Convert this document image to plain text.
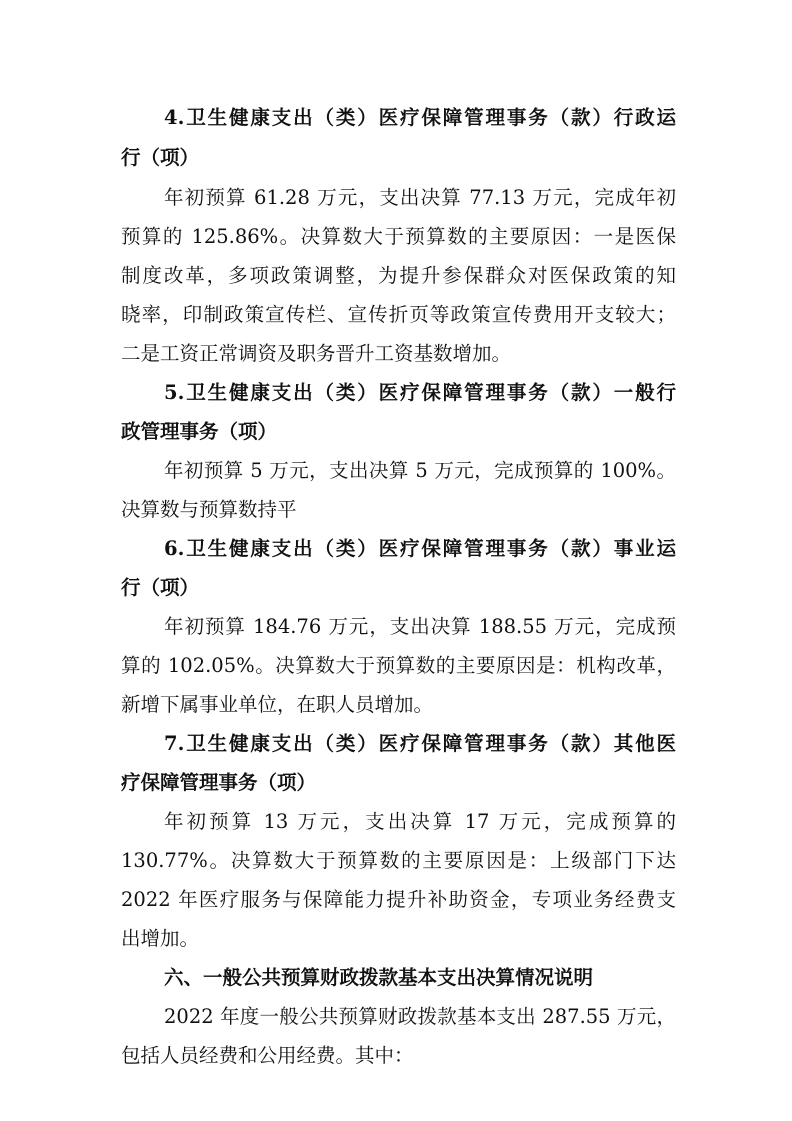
4.卫生健康支出（类）医疗保障管理事务（款）行政运
行（项）
年初预算 61.28 万元，支出决算 77.13 万元，完成年初
预算的 125.86%。决算数大于预算数的主要原因：一是医保
制度改革，多项政策调整，为提升参保群众对医保政策的知
晓率，印制政策宣传栏、宣传折页等政策宣传费用开支较大；
二是工资正常调资及职务晋升工资基数增加。
5.卫生健康支出（类）医疗保障管理事务（款）一般行
政管理事务（项）
年初预算 5 万元，支出决算 5 万元，完成预算的 100%。
决算数与预算数持平
6.卫生健康支出（类）医疗保障管理事务（款）事业运
行（项）
年初预算 184.76 万元，支出决算 188.55 万元，完成预
算的 102.05%。决算数大于预算数的主要原因是：机构改革，
新增下属事业单位，在职人员增加。
7.卫生健康支出（类）医疗保障管理事务（款）其他医
疗保障管理事务（项）
年初预算 13 万元，支出决算 17 万元，完成预算的
130.77%。决算数大于预算数的主要原因是：上级部门下达
2022 年医疗服务与保障能力提升补助资金，专项业务经费支
出增加。
六、一般公共预算财政拨款基本支出决算情况说明
2022 年度一般公共预算财政拨款基本支出 287.55 万元，
包括人员经费和公用经费。其中：
